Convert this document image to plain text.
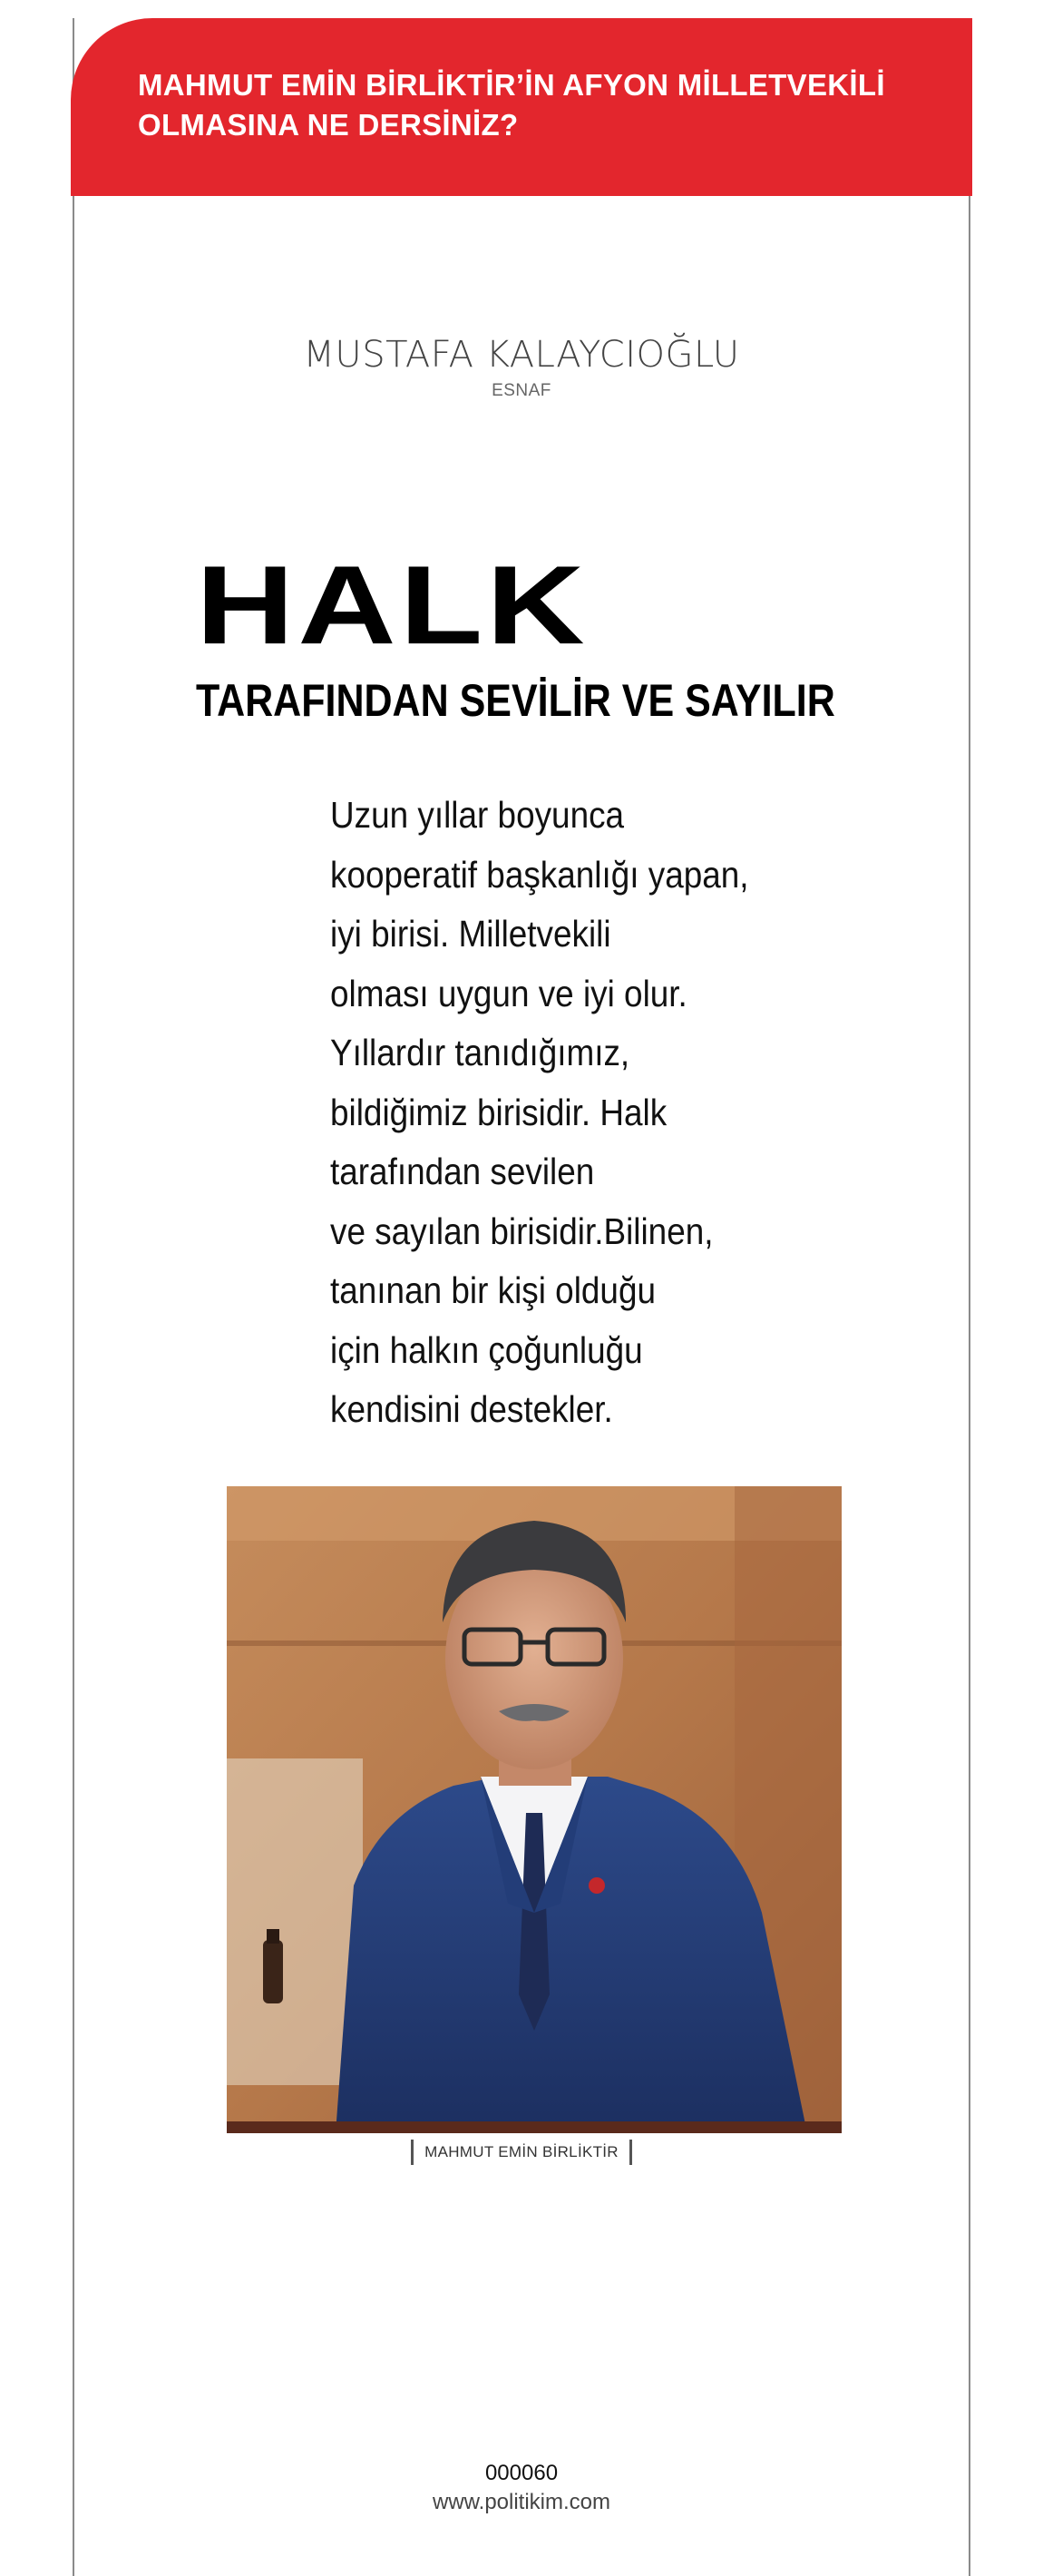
MAHMUT EMİN BİRLİKTİR’İN AFYON MİLLETVEKİLİ OLMASINA NE DERSİNİZ?
MUSTAFA KALAYCIOĞLU
ESNAF
HALK
TARAFINDAN SEVİLİR VE SAYILIR
Uzun yıllar boyunca
kooperatif başkanlığı yapan,
iyi birisi. Milletvekili
olması uygun ve iyi olur.
Yıllardır tanıdığımız,
bildiğimiz birisidir. Halk
tarafından sevilen
ve sayılan birisidir.Bilinen,
tanınan bir kişi olduğu
için halkın çoğunluğu
kendisini destekler.
MAHMUT EMİN BİRLİKTİR
000060
www.politikim.com
